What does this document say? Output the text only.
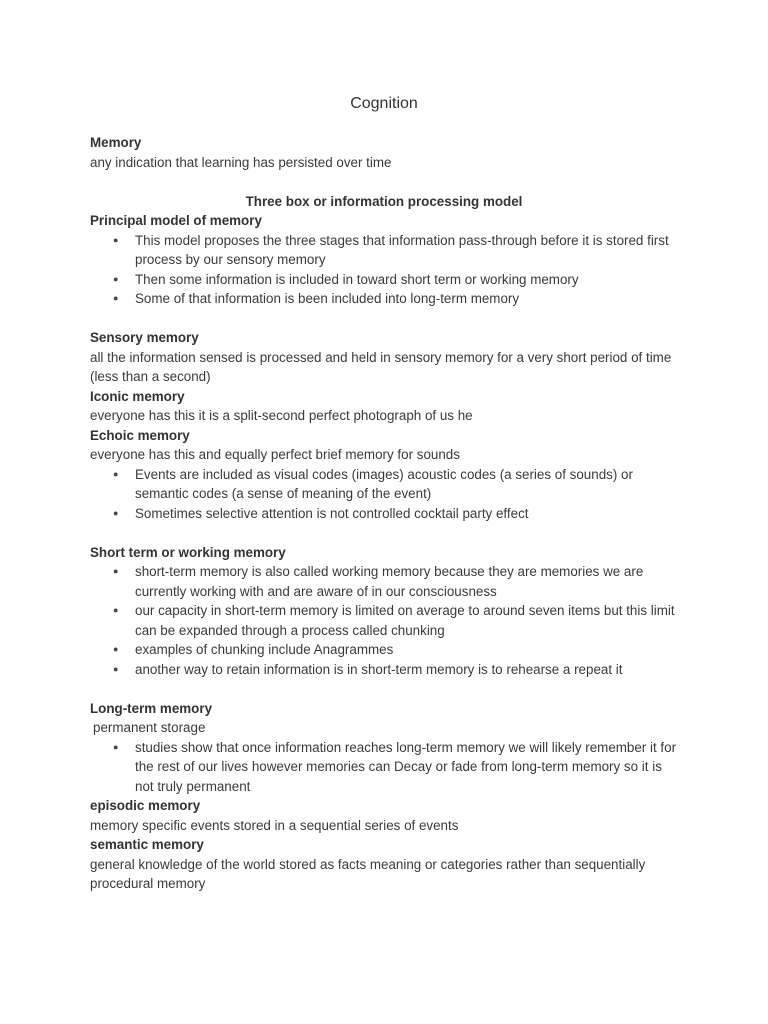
Cognition

Memory

any indication that learning has persisted over time

Three box or information processing model

Principal model of memory

● This model proposes the three stages that information pass-through before it is stored first process by our sensory memory
● Then some information is included in toward short term or working memory
● Some of that information is been included into long-term memory

Sensory memory

all the information sensed is processed and held in sensory memory for a very short period of time (less than a second)

Iconic memory

everyone has this it is a split-second perfect photograph of us he

Echoic memory

everyone has this and equally perfect brief memory for sounds

● Events are included as visual codes (images) acoustic codes (a series of sounds) or semantic codes (a sense of meaning of the event)
● Sometimes selective attention is not controlled cocktail party effect

Short term or working memory

● short-term memory is also called working memory because they are memories we are currently working with and are aware of in our consciousness
● our capacity in short-term memory is limited on average to around seven items but this limit can be expanded through a process called chunking
● examples of chunking include Anagrammes
● another way to retain information is in short-term memory is to rehearse a repeat it

Long-term memory

permanent storage

● studies show that once information reaches long-term memory we will likely remember it for the rest of our lives however memories can Decay or fade from long-term memory so it is not truly permanent

episodic memory

memory specific events stored in a sequential series of events

semantic memory

general knowledge of the world stored as facts meaning or categories rather than sequentially

procedural memory
